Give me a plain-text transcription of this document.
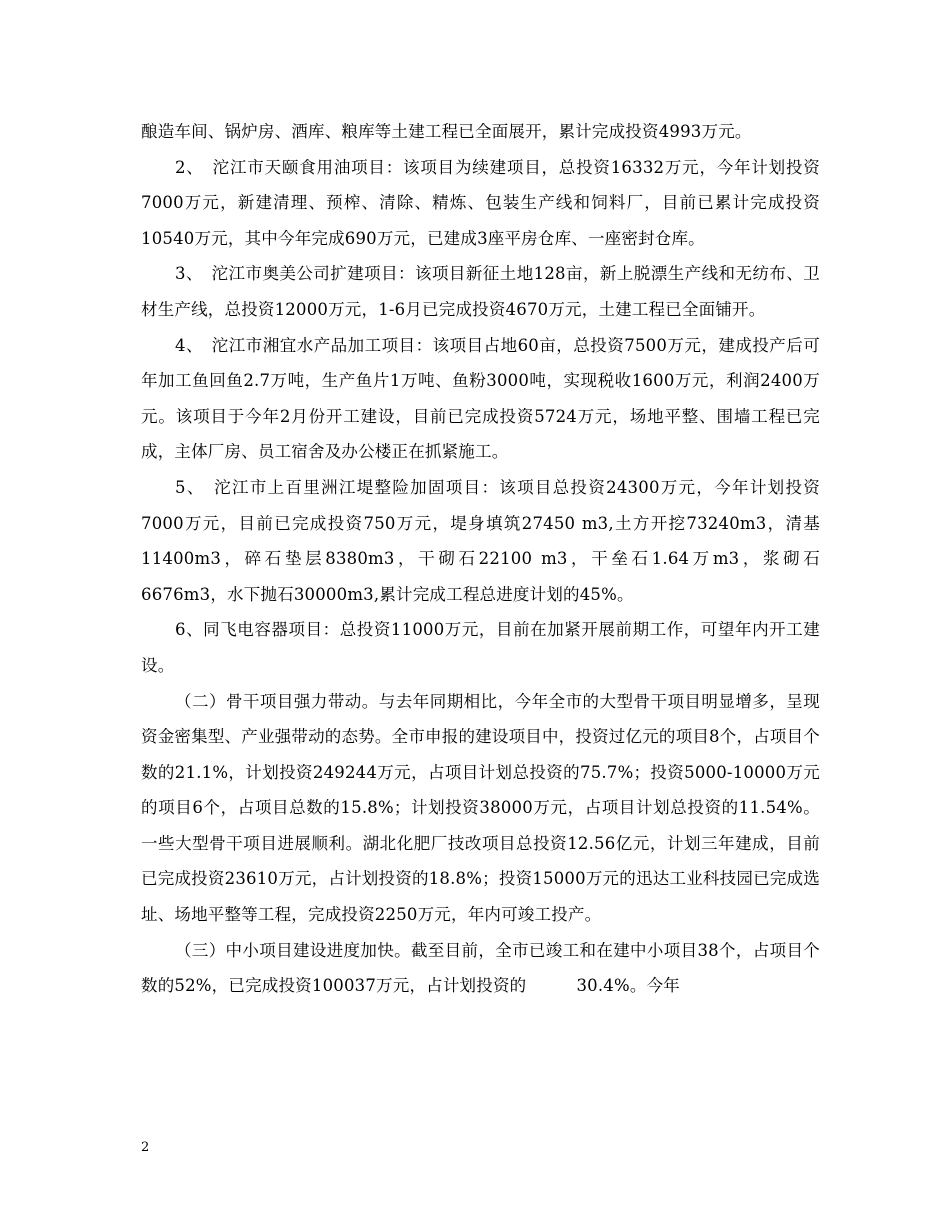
酿造车间、锅炉房、酒库、粮库等土建工程已全面展开，累计完成投资4993万元。

2、　沱江市天颐食用油项目：该项目为续建项目，总投资16332万元，今年计划投资7000万元，新建清理、预榨、清除、精炼、包装生产线和饲料厂，目前已累计完成投资10540万元，其中今年完成690万元，已建成3座平房仓库、一座密封仓库。

3、　沱江市奥美公司扩建项目：该项目新征土地128亩，新上脱漂生产线和无纺布、卫材生产线，总投资12000万元，1-6月已完成投资4670万元，土建工程已全面铺开。

4、　沱江市湘宜水产品加工项目：该项目占地60亩，总投资7500万元，建成投产后可年加工鱼回鱼2.7万吨，生产鱼片1万吨、鱼粉3000吨，实现税收1600万元，利润2400万元。该项目于今年2月份开工建设，目前已完成投资5724万元，场地平整、围墙工程已完成，主体厂房、员工宿舍及办公楼正在抓紧施工。

5、　沱江市上百里洲江堤整险加固项目：该项目总投资24300万元，今年计划投资7000万元，目前已完成投资750万元，堤身填筑27450 m3,土方开挖73240m3，清基11400m3，碎石垫层8380m3，干砌石22100 m3，干垒石1.64万m3，浆砌石6676m3，水下抛石30000m3,累计完成工程总进度计划的45%。

6、同飞电容器项目：总投资11000万元，目前在加紧开展前期工作，可望年内开工建设。

（二）骨干项目强力带动。与去年同期相比，今年全市的大型骨干项目明显增多，呈现资金密集型、产业强带动的态势。全市申报的建设项目中，投资过亿元的项目8个，占项目个数的21.1%，计划投资249244万元，占项目计划总投资的75.7%；投资5000-10000万元的项目6个，占项目总数的15.8%；计划投资38000万元，占项目计划总投资的11.54%。一些大型骨干项目进展顺利。湖北化肥厂技改项目总投资12.56亿元，计划三年建成，目前已完成投资23610万元，占计划投资的18.8%；投资15000万元的迅达工业科技园已完成选址、场地平整等工程，完成投资2250万元，年内可竣工投产。

（三）中小项目建设进度加快。截至目前，全市已竣工和在建中小项目38个，占项目个数的52%，已完成投资100037万元，占计划投资的　　　30.4%。今年

2
